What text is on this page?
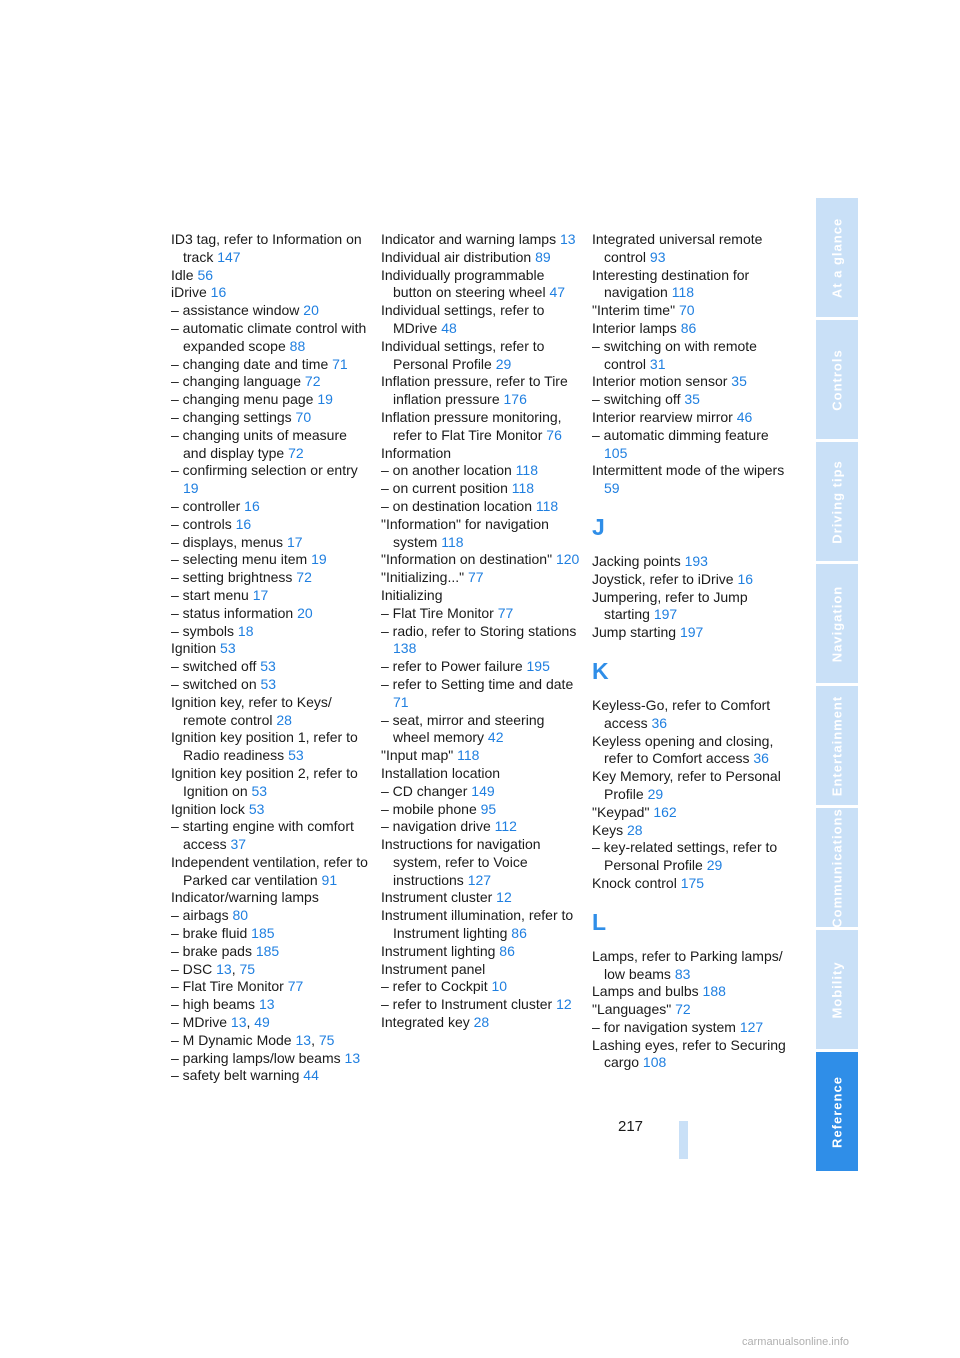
At a glance
Controls
Driving tips
Navigation
Entertainment
Communications
Mobility
Reference
ID3 tag, refer to Information on track 147
Idle 56
iDrive 16
– assistance window 20
– automatic climate control with expanded scope 88
– changing date and time 71
– changing language 72
– changing menu page 19
– changing settings 70
– changing units of measure and display type 72
– confirming selection or entry 19
– controller 16
– controls 16
– displays, menus 17
– selecting menu item 19
– setting brightness 72
– start menu 17
– status information 20
– symbols 18
Ignition 53
– switched off 53
– switched on 53
Ignition key, refer to Keys/ remote control 28
Ignition key position 1, refer to Radio readiness 53
Ignition key position 2, refer to Ignition on 53
Ignition lock 53
– starting engine with comfort access 37
Independent ventilation, refer to Parked car ventilation 91
Indicator/warning lamps
– airbags 80
– brake fluid 185
– brake pads 185
– DSC 13, 75
– Flat Tire Monitor 77
– high beams 13
– MDrive 13, 49
– M Dynamic Mode 13, 75
– parking lamps/low beams 13
– safety belt warning 44
Indicator and warning lamps 13
Individual air distribution 89
Individually programmable button on steering wheel 47
Individual settings, refer to MDrive 48
Individual settings, refer to Personal Profile 29
Inflation pressure, refer to Tire inflation pressure 176
Inflation pressure monitoring, refer to Flat Tire Monitor 76
Information
– on another location 118
– on current position 118
– on destination location 118
"Information" for navigation system 118
"Information on destination" 120
"Initializing..." 77
Initializing
– Flat Tire Monitor 77
– radio, refer to Storing stations 138
– refer to Power failure 195
– refer to Setting time and date 71
– seat, mirror and steering wheel memory 42
"Input map" 118
Installation location
– CD changer 149
– mobile phone 95
– navigation drive 112
Instructions for navigation system, refer to Voice instructions 127
Instrument cluster 12
Instrument illumination, refer to Instrument lighting 86
Instrument lighting 86
Instrument panel
– refer to Cockpit 10
– refer to Instrument cluster 12
Integrated key 28
Integrated universal remote control 93
Interesting destination for navigation 118
"Interim time" 70
Interior lamps 86
– switching on with remote control 31
Interior motion sensor 35
– switching off 35
Interior rearview mirror 46
– automatic dimming feature 105
Intermittent mode of the wipers 59
J
Jacking points 193
Joystick, refer to iDrive 16
Jumpering, refer to Jump starting 197
Jump starting 197
K
Keyless-Go, refer to Comfort access 36
Keyless opening and closing, refer to Comfort access 36
Key Memory, refer to Personal Profile 29
"Keypad" 162
Keys 28
– key-related settings, refer to Personal Profile 29
Knock control 175
L
Lamps, refer to Parking lamps/ low beams 83
Lamps and bulbs 188
"Languages" 72
– for navigation system 127
Lashing eyes, refer to Securing cargo 108
217
carmanualsonline.info
